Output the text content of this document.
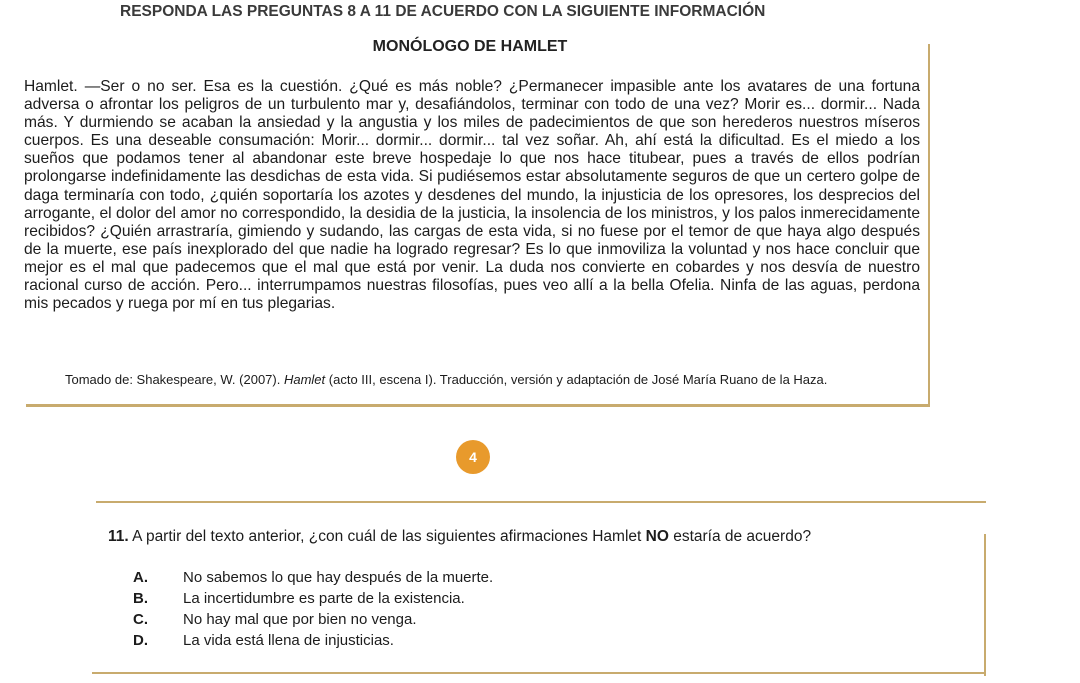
RESPONDA LAS PREGUNTAS 8 A 11 DE ACUERDO CON LA SIGUIENTE INFORMACIÓN
MONÓLOGO DE HAMLET
Hamlet. —Ser o no ser. Esa es la cuestión. ¿Qué es más noble? ¿Permanecer impasible ante los avatares de una fortuna adversa o afrontar los peligros de un turbulento mar y, desafiándolos, terminar con todo de una vez? Morir es... dormir... Nada más. Y durmiendo se acaban la ansiedad y la angustia y los miles de padecimientos de que son herederos nuestros míseros cuerpos. Es una deseable consumación: Morir... dormir... dormir... tal vez soñar. Ah, ahí está la dificultad. Es el miedo a los sueños que podamos tener al abandonar este breve hospedaje lo que nos hace titubear, pues a través de ellos podrían prolongarse indefinidamente las desdichas de esta vida. Si pudiésemos estar absolutamente seguros de que un certero golpe de daga terminaría con todo, ¿quién soportaría los azotes y desdenes del mundo, la injusticia de los opresores, los desprecios del arrogante, el dolor del amor no correspondido, la desidia de la justicia, la insolencia de los ministros, y los palos inmerecidamente recibidos? ¿Quién arrastraría, gimiendo y sudando, las cargas de esta vida, si no fuese por el temor de que haya algo después de la muerte, ese país inexplorado del que nadie ha logrado regresar? Es lo que inmoviliza la voluntad y nos hace concluir que mejor es el mal que padecemos que el mal que está por venir. La duda nos convierte en cobardes y nos desvía de nuestro racional curso de acción. Pero... interrumpamos nuestras filosofías, pues veo allí a la bella Ofelia. Ninfa de las aguas, perdona mis pecados y ruega por mí en tus plegarias.
Tomado de: Shakespeare, W. (2007). Hamlet (acto III, escena I). Traducción, versión y adaptación de José María Ruano de la Haza.
4
11. A partir del texto anterior, ¿con cuál de las siguientes afirmaciones Hamlet NO estaría de acuerdo?
A.	No sabemos lo que hay después de la muerte.
B.	La incertidumbre es parte de la existencia.
C.	No hay mal que por bien no venga.
D.	La vida está llena de injusticias.
